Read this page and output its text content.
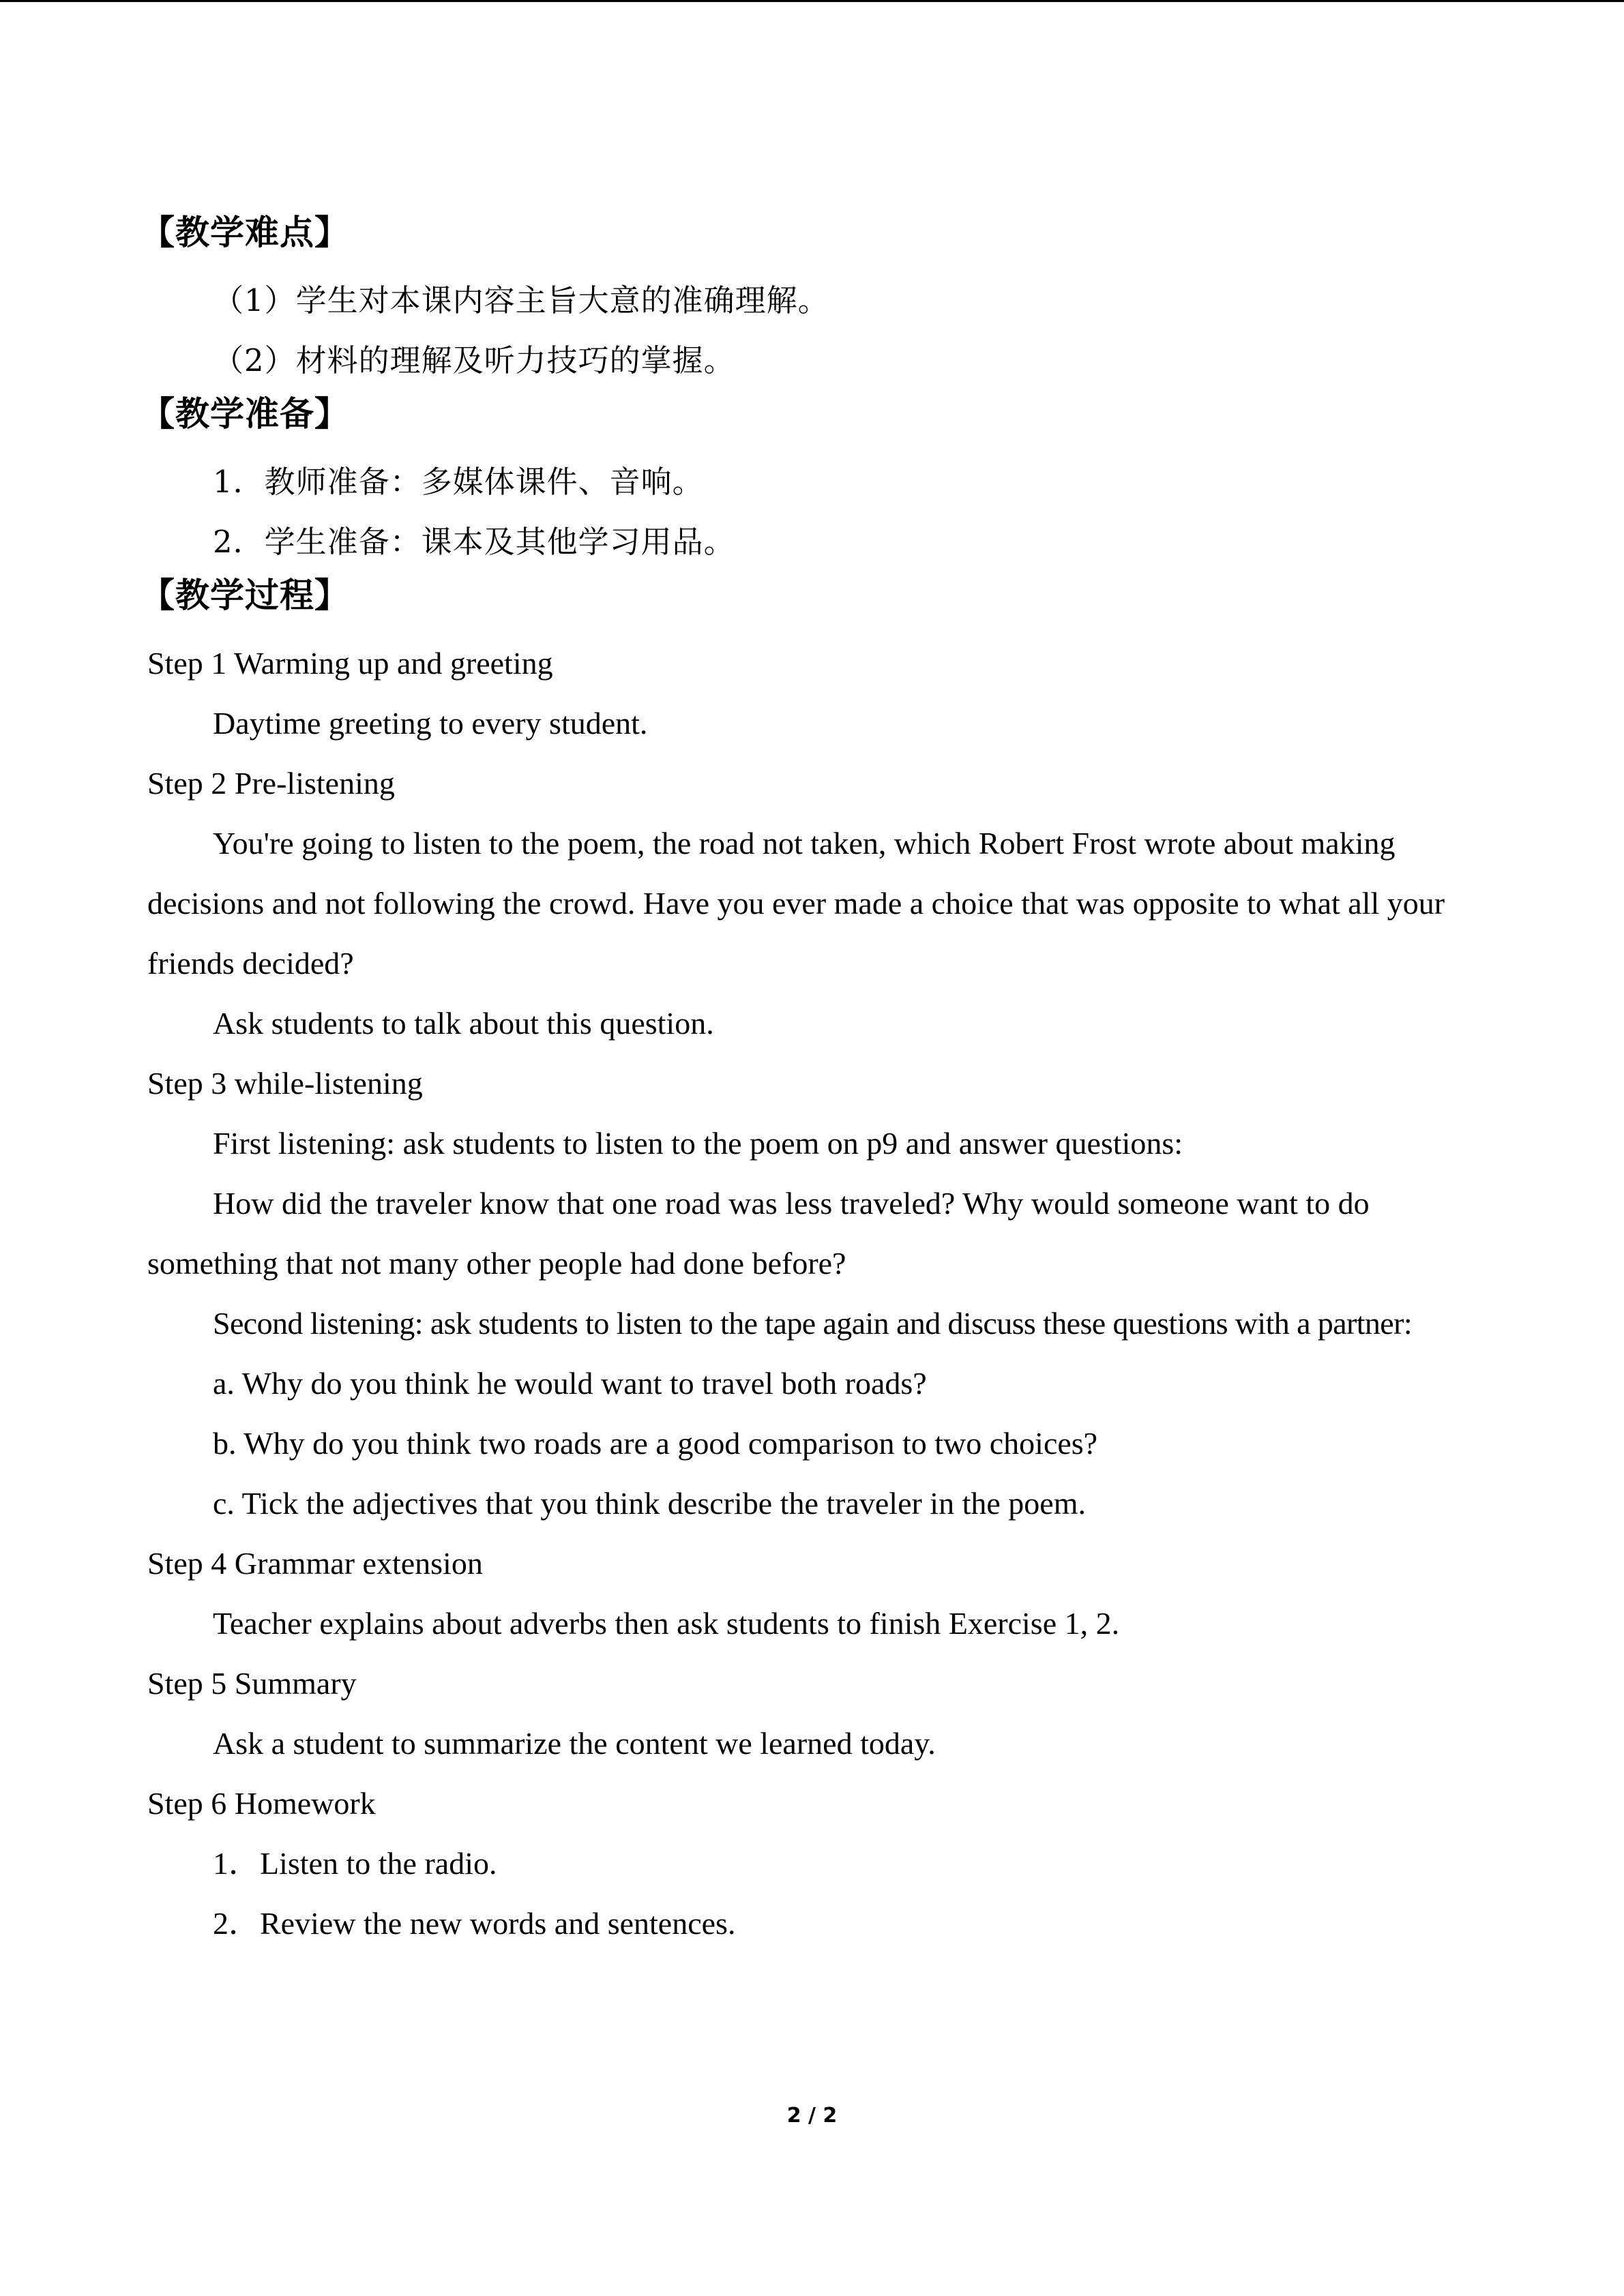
【教学难点】
（1）学生对本课内容主旨大意的准确理解。
（2）材料的理解及听力技巧的掌握。
【教学准备】
1．教师准备：多媒体课件、音响。
2．学生准备：课本及其他学习用品。
【教学过程】
Step 1 Warming up and greeting
Daytime greeting to every student.
Step 2 Pre-listening
You're going to listen to the poem, the road not taken, which Robert Frost wrote about making decisions and not following the crowd. Have you ever made a choice that was opposite to what all your friends decided?
Ask students to talk about this question.
Step 3 while-listening
First listening: ask students to listen to the poem on p9 and answer questions:
How did the traveler know that one road was less traveled? Why would someone want to do something that not many other people had done before?
Second listening: ask students to listen to the tape again and discuss these questions with a partner:
a. Why do you think he would want to travel both roads?
b. Why do you think two roads are a good comparison to two choices?
c. Tick the adjectives that you think describe the traveler in the poem.
Step 4 Grammar extension
Teacher explains about adverbs then ask students to finish Exercise 1, 2.
Step 5 Summary
Ask a student to summarize the content we learned today.
Step 6 Homework
1．Listen to the radio.
2．Review the new words and sentences.
2 / 2
